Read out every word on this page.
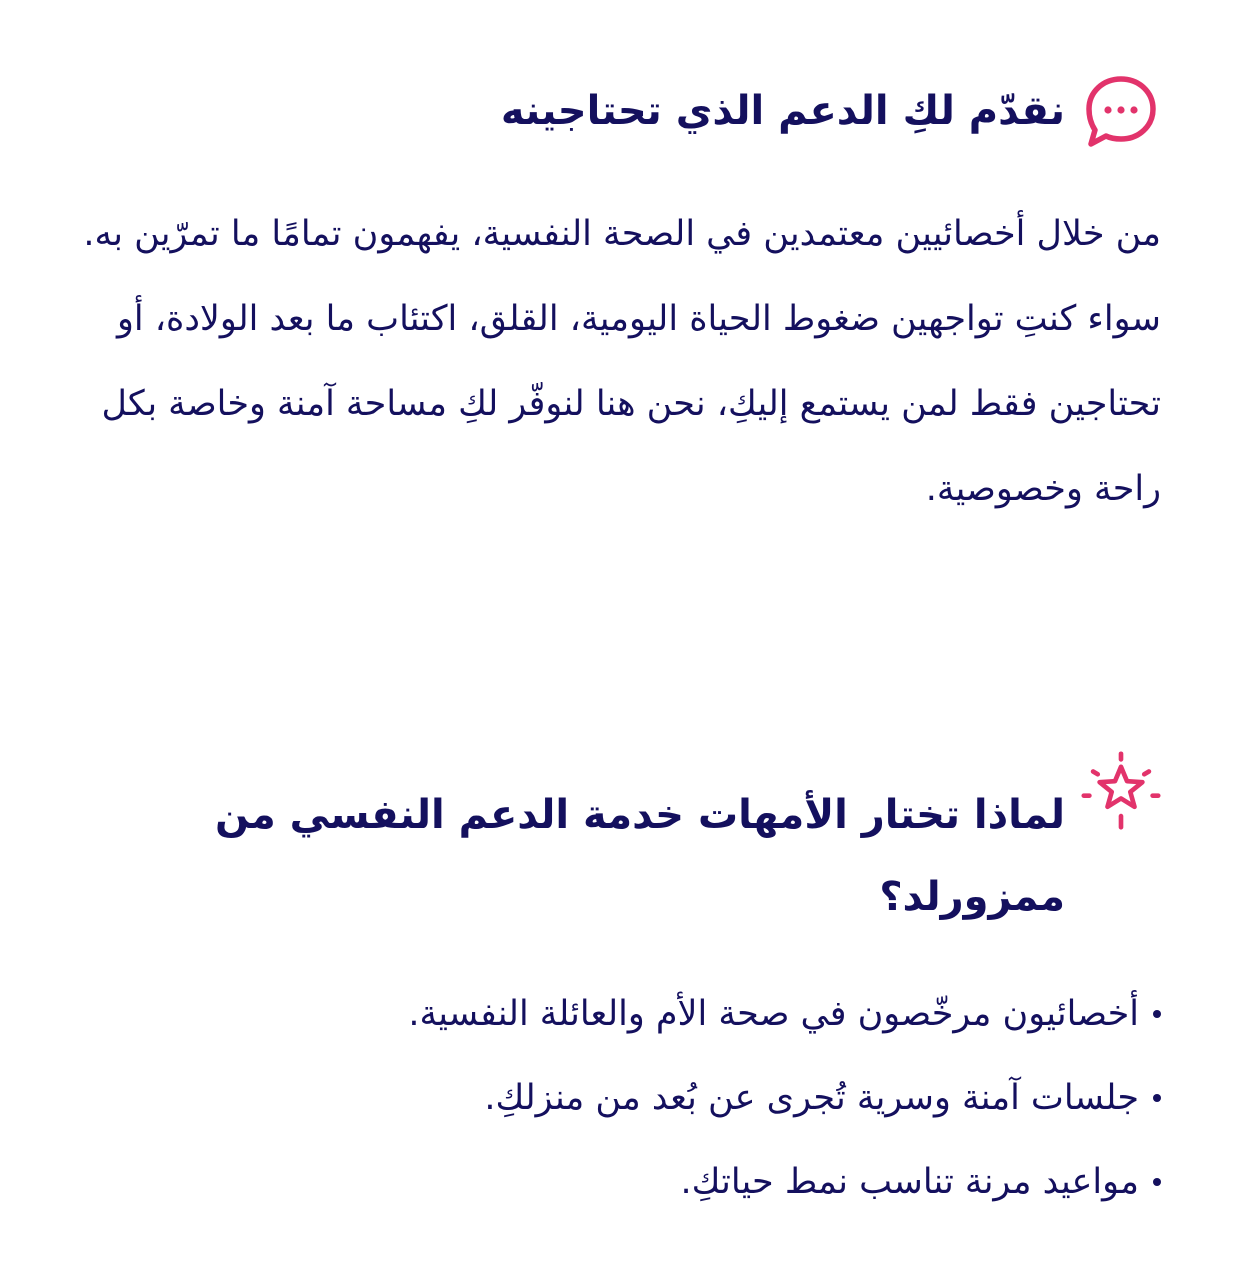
نقدّم لكِ الدعم الذي تحتاجينه

من خلال أخصائيين معتمدين في الصحة النفسية، يفهمون تمامًا ما تمرّين به. سواء كنتِ تواجهين ضغوط الحياة اليومية، القلق، اكتئاب ما بعد الولادة، أو تحتاجين فقط لمن يستمع إليكِ، نحن هنا لنوفّر لكِ مساحة آمنة وخاصة بكل راحة وخصوصية.

لماذا تختار الأمهات خدمة الدعم النفسي من ممزورلد؟
أخصائيون مرخّصون في صحة الأم والعائلة النفسية.
جلسات آمنة وسرية تُجرى عن بُعد من منزلكِ.
مواعيد مرنة تناسب نمط حياتكِ.
